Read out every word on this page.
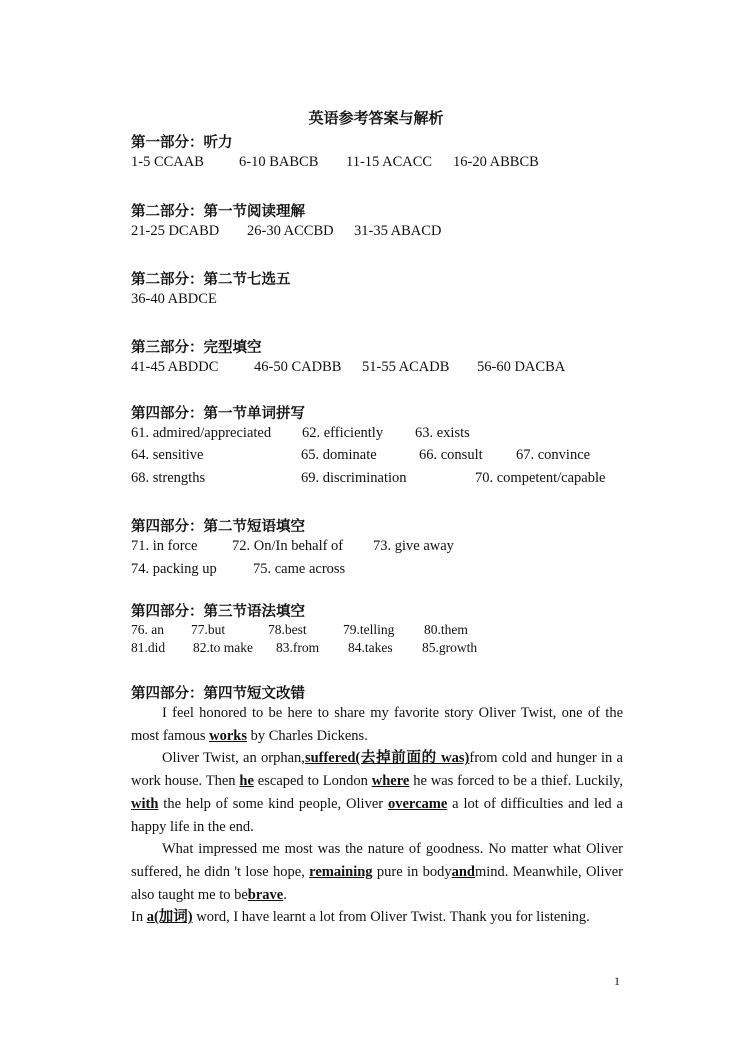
英语参考答案与解析
第一部分：听力
1-5 CCAAB 6-10 BABCB 11-15 ACACC 16-20 ABBCB
第二部分：第一节阅读理解
21-25 DCABD 26-30 ACCBD 31-35 ABACD
第二部分：第二节七选五
36-40 ABDCE
第三部分：完型填空
41-45 ABDDC 46-50 CADBB 51-55 ACADB 56-60 DACBA
第四部分：第一节单词拼写
61. admired/appreciated 62. efficiently 63. exists
64. sensitive	65. dominate	66. consult 67. convince
68. strengths	69. discrimination	70. competent/capable
第四部分：第二节短语填空
71. in force 72. On/In behalf of 73. give away
74. packing up 75. came across
第四部分：第三节语法填空
76. an 77.but	78.best	79.telling 80.them
81.did 82.to make 83.from 84.takes 85.growth
第四部分：第四节短文改错

I feel honored to be here to share my favorite story Oliver Twist, one of the most famous works by Charles Dickens.

Oliver Twist, an orphan,suffered(去掉前面的 was)from cold and hunger in a work house. Then he escaped to London where he was forced to be a thief. Luckily, with the help of some kind people, Oliver overcame a lot of difficulties and led a happy life in the end.

What impressed me most was the nature of goodness. No matter what Oliver suffered, he didn 't lose hope, remaining pure in bodyandmind. Meanwhile, Oliver also taught me to bebrave.

In a(加词) word, I have learnt a lot from Oliver Twist. Thank you for listening.

1
